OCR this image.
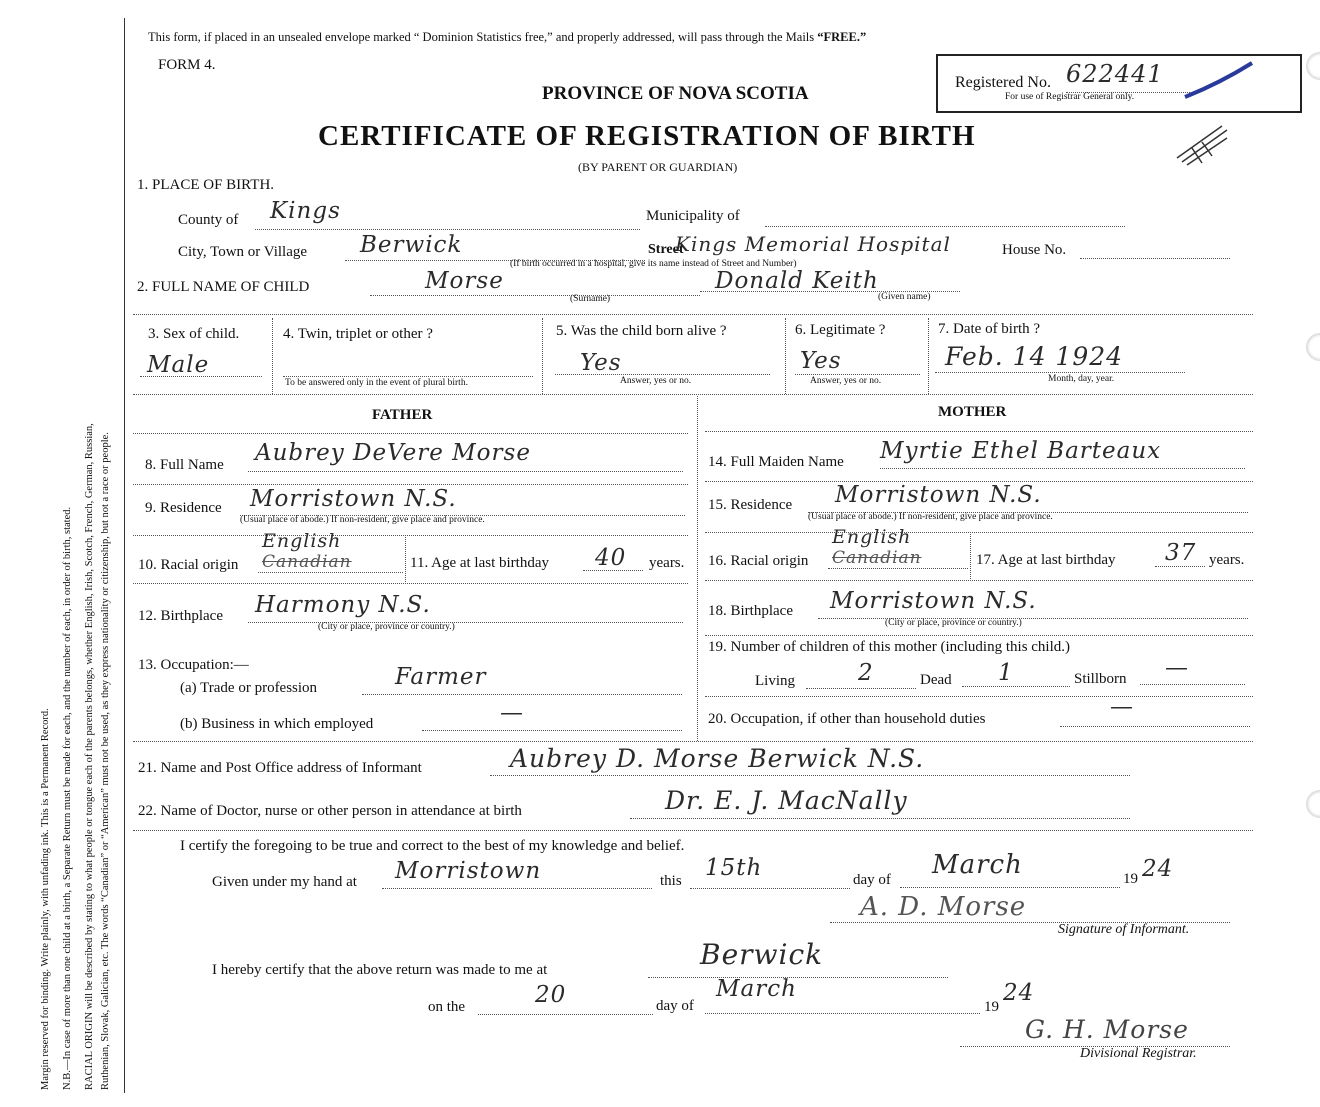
Margin reserved for binding. Write plainly, with unfading ink. This is a Permanent Record. N.B.—In case of more than one child at a birth, a Separate Return must be made for each, and the number of each, in order of birth, stated. RACIAL ORIGIN will be described by stating to what people or tongue each of the parents belongs, whether English, Irish, Scotch, French, German, Russian, Ruthenian, Slovak, Galician, etc. The words “Canadian” or “American” must not be used, as they express nationality or citizenship, but not a race or people.
This form, if placed in an unsealed envelope marked “ Dominion Statistics free,” and properly addressed, will pass through the Mails “FREE.”
FORM 4.
PROVINCE OF NOVA SCOTIA
CERTIFICATE OF REGISTRATION OF BIRTH
(BY PARENT OR GUARDIAN)
Registered No. 622441
For use of Registrar General only.
1. PLACE OF BIRTH.
County of Kings	Municipality of
City, Town or Village Berwick	Street
Kings Memorial Hospital	House No.
(If birth occurred in a hospital, give its name instead of Street and Number)
2. FULL NAME OF CHILD	Morse
(Surname)
Donald Keith
(Given name)
3. Sex of child.
Male
4. Twin, triplet or other ?
To be answered only in the event of plural birth.
5. Was the child born alive ?
Yes
Answer, yes or no.
6. Legitimate ?
Yes
Answer, yes or no.
7. Date of birth ?
Feb. 14 1924
Month, day, year.
FATHER	MOTHER
8. Full Name Aubrey DeVere Morse	14. Full Maiden Name Myrtie Ethel Barteaux
9. Residence Morristown N.S.
(Usual place of abode.) If non-resident, give place and province.
15. Residence Morristown N.S.
(Usual place of abode.) If non-resident, give place and province.
10. Racial origin
English
Canadian	11. Age at last birthday 40 years. 16. Racial origin
English
Canadian	17. Age at last birthday 37 years.
12. Birthplace Harmony N.S.
(City or place, province or country.)
18. Birthplace Morristown N.S.
(City or place, province or country.)
13. Occupation:—
(a) Trade or profession	Farmer
(b) Business in which employed	—
19. Number of children of this mother (including this child.)
Living	2	Dead 1	Stillborn —
20. Occupation, if other than household duties	—
21. Name and Post Office address of Informant	Aubrey D. Morse Berwick N.S.
22. Name of Doctor, nurse or other person in attendance at birth	Dr. E. J. MacNally
I certify the foregoing to be true and correct to the best of my knowledge and belief.
Given under my hand at Morristown	this 15th	day of March	19 24
A. D. Morse
Signature of Informant.
I hereby certify that the above return was made to me at	Berwick
on the	20	day of
March
19
24
G. H. Morse
Divisional Registrar.
